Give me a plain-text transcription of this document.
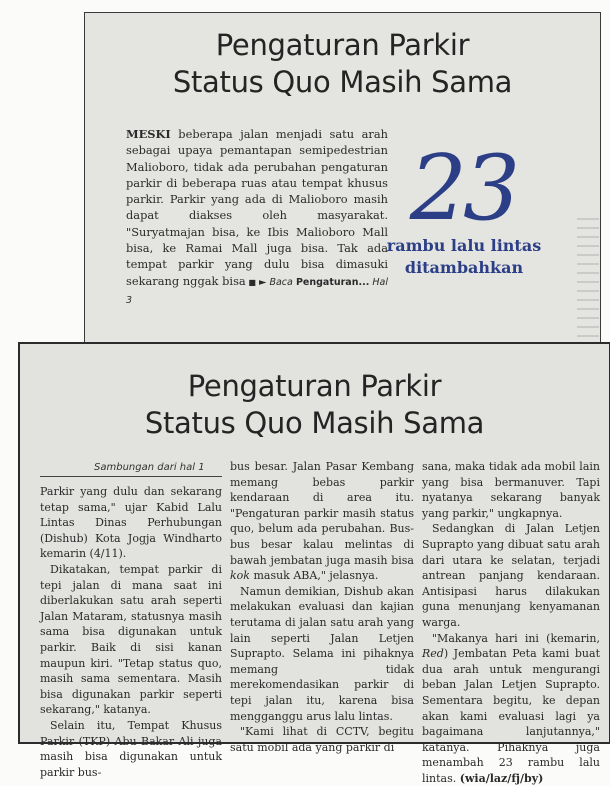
Pengaturan Parkir
Status Quo Masih Sama

MESKI beberapa jalan menjadi satu arah sebagai upaya pemantapan semipedestrian Malioboro, tidak ada perubahan pengaturan parkir di beberapa ruas atau tempat khusus parkir. Parkir yang ada di Malioboro masih dapat diakses oleh masyarakat. "Suryatmajan bisa, ke Ibis Malioboro Mall bisa, ke Ramai Mall juga bisa. Tak ada tempat parkir yang dulu bisa dimasuki sekarang nggak bisa ■ ► Baca Pengaturan... Hal 3

23
rambu lalu lintas
ditambahkan
Pengaturan Parkir
Status Quo Masih Sama
Sambungan dari hal 1

Parkir yang dulu dan sekarang tetap sama," ujar Kabid Lalu Lintas Dinas Perhubungan (Dishub) Kota Jogja Windharto kemarin (4/11).

Dikatakan, tempat parkir di tepi jalan di mana saat ini diberlakukan satu arah seperti Jalan Mataram, statusnya masih sama bisa digunakan untuk parkir. Baik di sisi kanan maupun kiri. "Tetap status quo, masih sama sementara. Masih bisa digunakan parkir seperti sekarang," katanya.

Selain itu, Tempat Khusus Parkir (TKP) Abu Bakar Ali juga masih bisa digunakan untuk parkir bus-

bus besar. Jalan Pasar Kembang memang bebas parkir kendaraan di area itu. "Pengaturan parkir masih status quo, belum ada perubahan. Bus-bus besar kalau melintas di bawah jembatan juga masih bisa kok masuk ABA," jelasnya.

Namun demikian, Dishub akan melakukan evaluasi dan kajian terutama di jalan satu arah yang lain seperti Jalan Letjen Suprapto. Selama ini pihaknya memang tidak merekomendasikan parkir di tepi jalan itu, karena bisa mengganggu arus lalu lintas.

"Kami lihat di CCTV, begitu satu mobil ada yang parkir di

sana, maka tidak ada mobil lain yang bisa bermanuver. Tapi nyatanya sekarang banyak yang parkir," ungkapnya.

Sedangkan di Jalan Letjen Suprapto yang dibuat satu arah dari utara ke selatan, terjadi antrean panjang kendaraan. Antisipasi harus dilakukan guna menunjang kenyamanan warga.

"Makanya hari ini (kemarin, Red) Jembatan Peta kami buat dua arah untuk mengurangi beban Jalan Letjen Suprapto. Sementara begitu, ke depan akan kami evaluasi lagi ya bagaimana lanjutannya," katanya. Pihaknya juga menambah 23 rambu lalu lintas. (wia/laz/fj/by)
